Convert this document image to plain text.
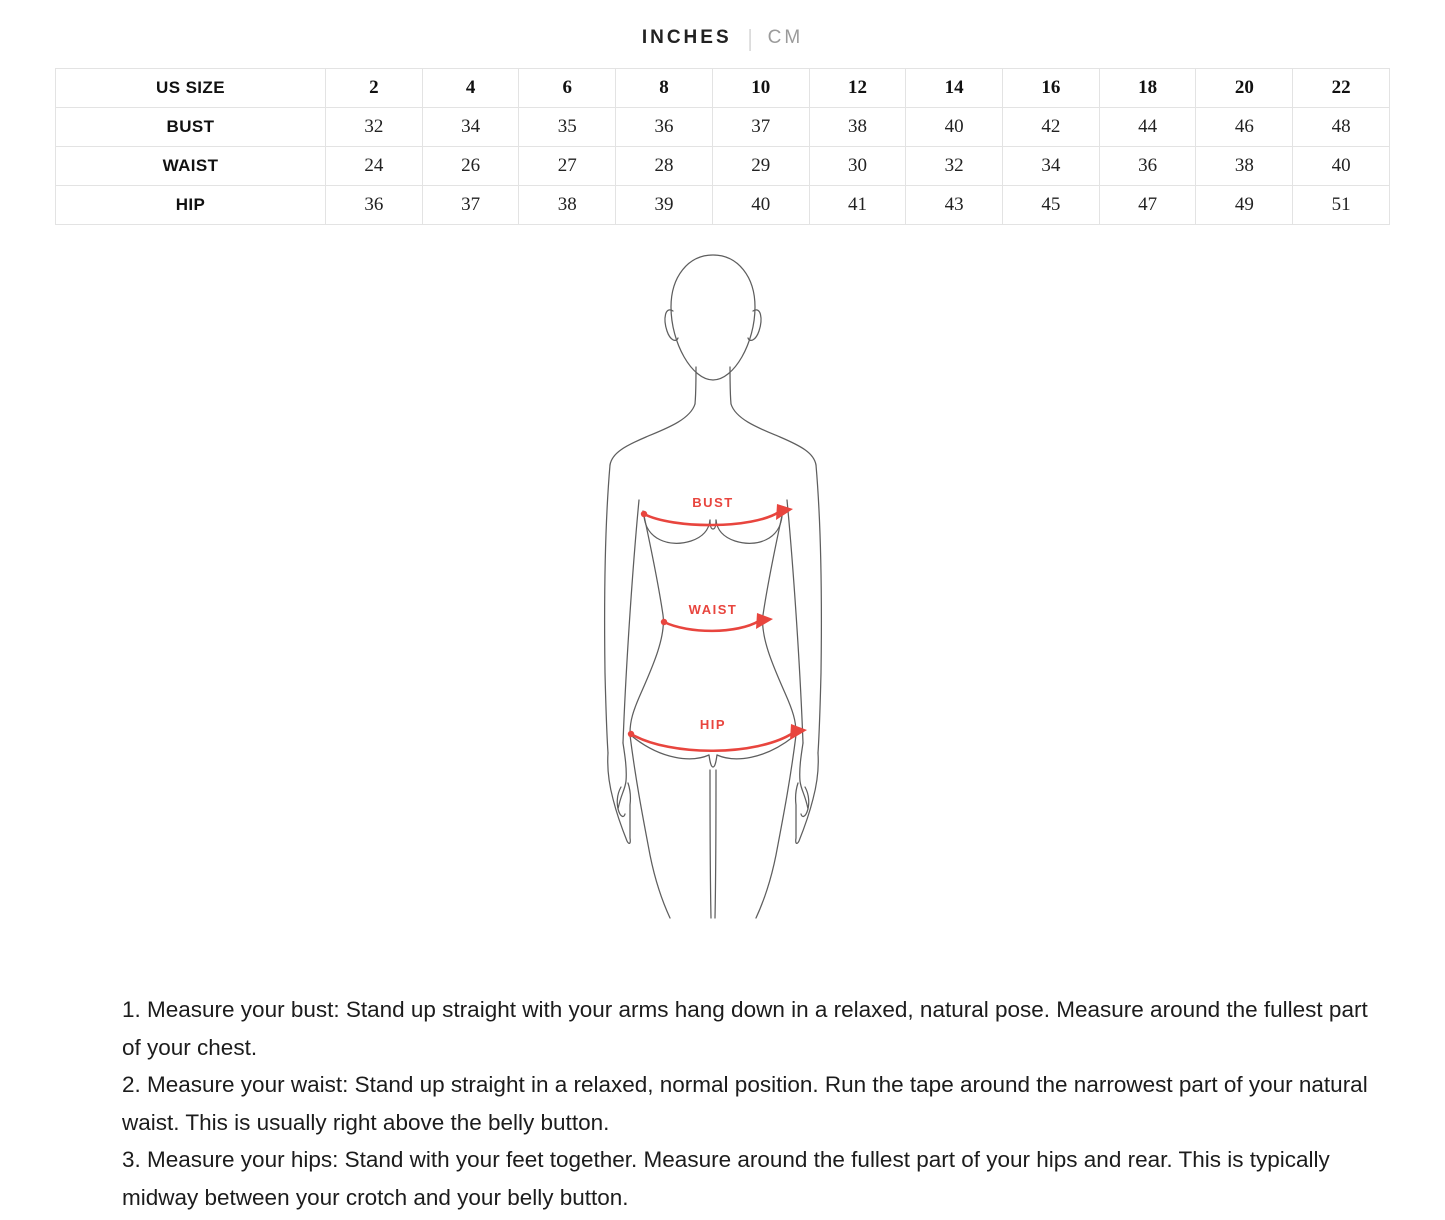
INCHES | CM
US SIZE	2	4	6	8	10	12	14	16	18	20	22
BUST	32	34	35	36	37	38	40	42	44	46	48
WAIST	24	26	27	28	29	30	32	34	36	38	40
HIP	36	37	38	39	40	41	43	45	47	49	51
BUST
WAIST
HIP

1. Measure your bust: Stand up straight with your arms hang down in a relaxed, natural pose. Measure around the fullest part of your chest.

2. Measure your waist: Stand up straight in a relaxed, normal position. Run the tape around the narrowest part of your natural waist. This is usually right above the belly button.

3. Measure your hips: Stand with your feet together. Measure around the fullest part of your hips and rear. This is typically midway between your crotch and your belly button.
